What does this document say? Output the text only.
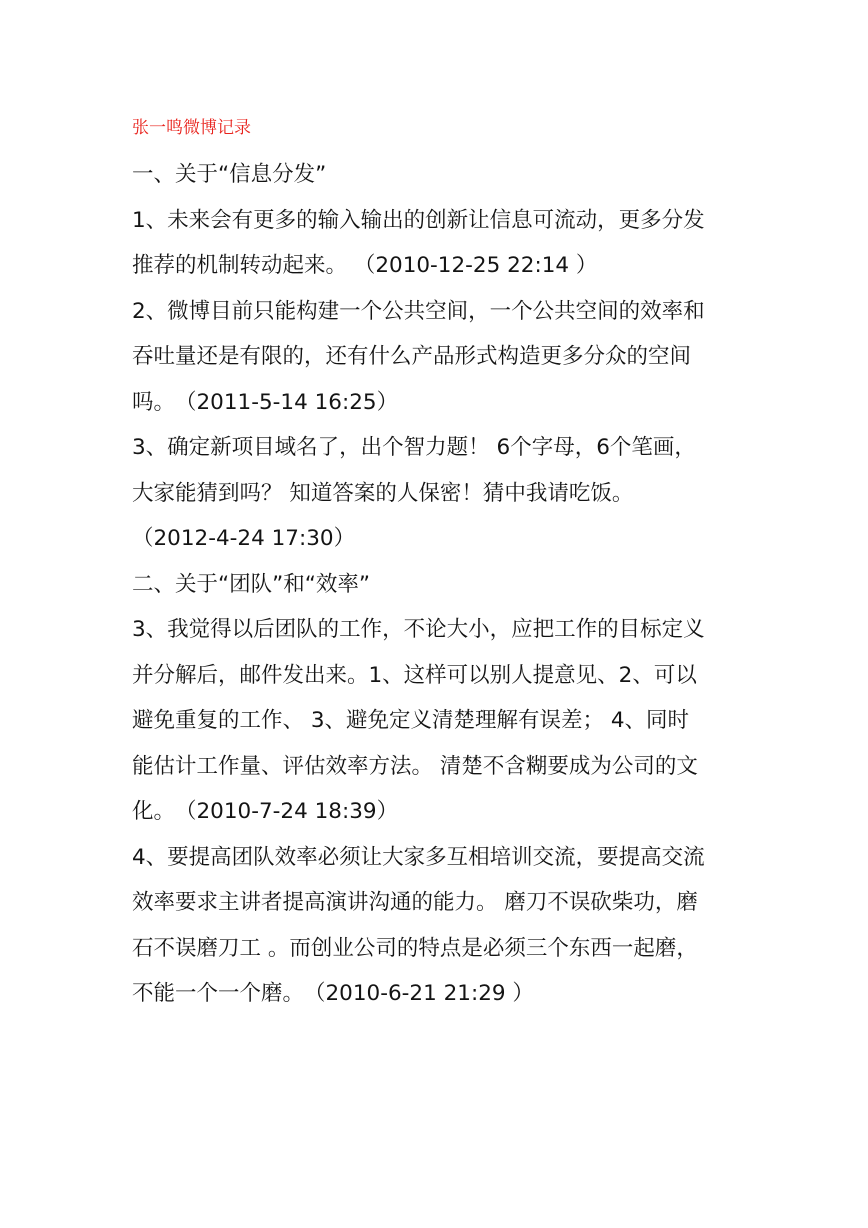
张一鸣微博记录
一、关于“信息分发”
1、未来会有更多的输入输出的创新让信息可流动，更多分发
推荐的机制转动起来。 （2010-12-25 22:14 ）
2、微博目前只能构建一个公共空间，一个公共空间的效率和
吞吐量还是有限的，还有什么产品形式构造更多分众的空间
吗。　（2011-5-14 16:25）
3、确定新项目域名了，出个智力题！ 6个字母，6个笔画，
大家能猜到吗？ 知道答案的人保密！猜中我请吃饭。
（2012-4-24 17:30）
二、关于“团队”和“效率”
3、我觉得以后团队的工作，不论大小，应把工作的目标定义
并分解后，邮件发出来。1、这样可以别人提意见、2、可以
避免重复的工作、 3、避免定义清楚理解有误差； 4、同时
能估计工作量、评估效率方法。 清楚不含糊要成为公司的文
化。　（2010-7-24 18:39）
4、要提高团队效率必须让大家多互相培训交流，要提高交流
效率要求主讲者提高演讲沟通的能力。 磨刀不误砍柴功，磨
石不误磨刀工 。而创业公司的特点是必须三个东西一起磨，
不能一个一个磨。　（2010-6-21 21:29 ）
